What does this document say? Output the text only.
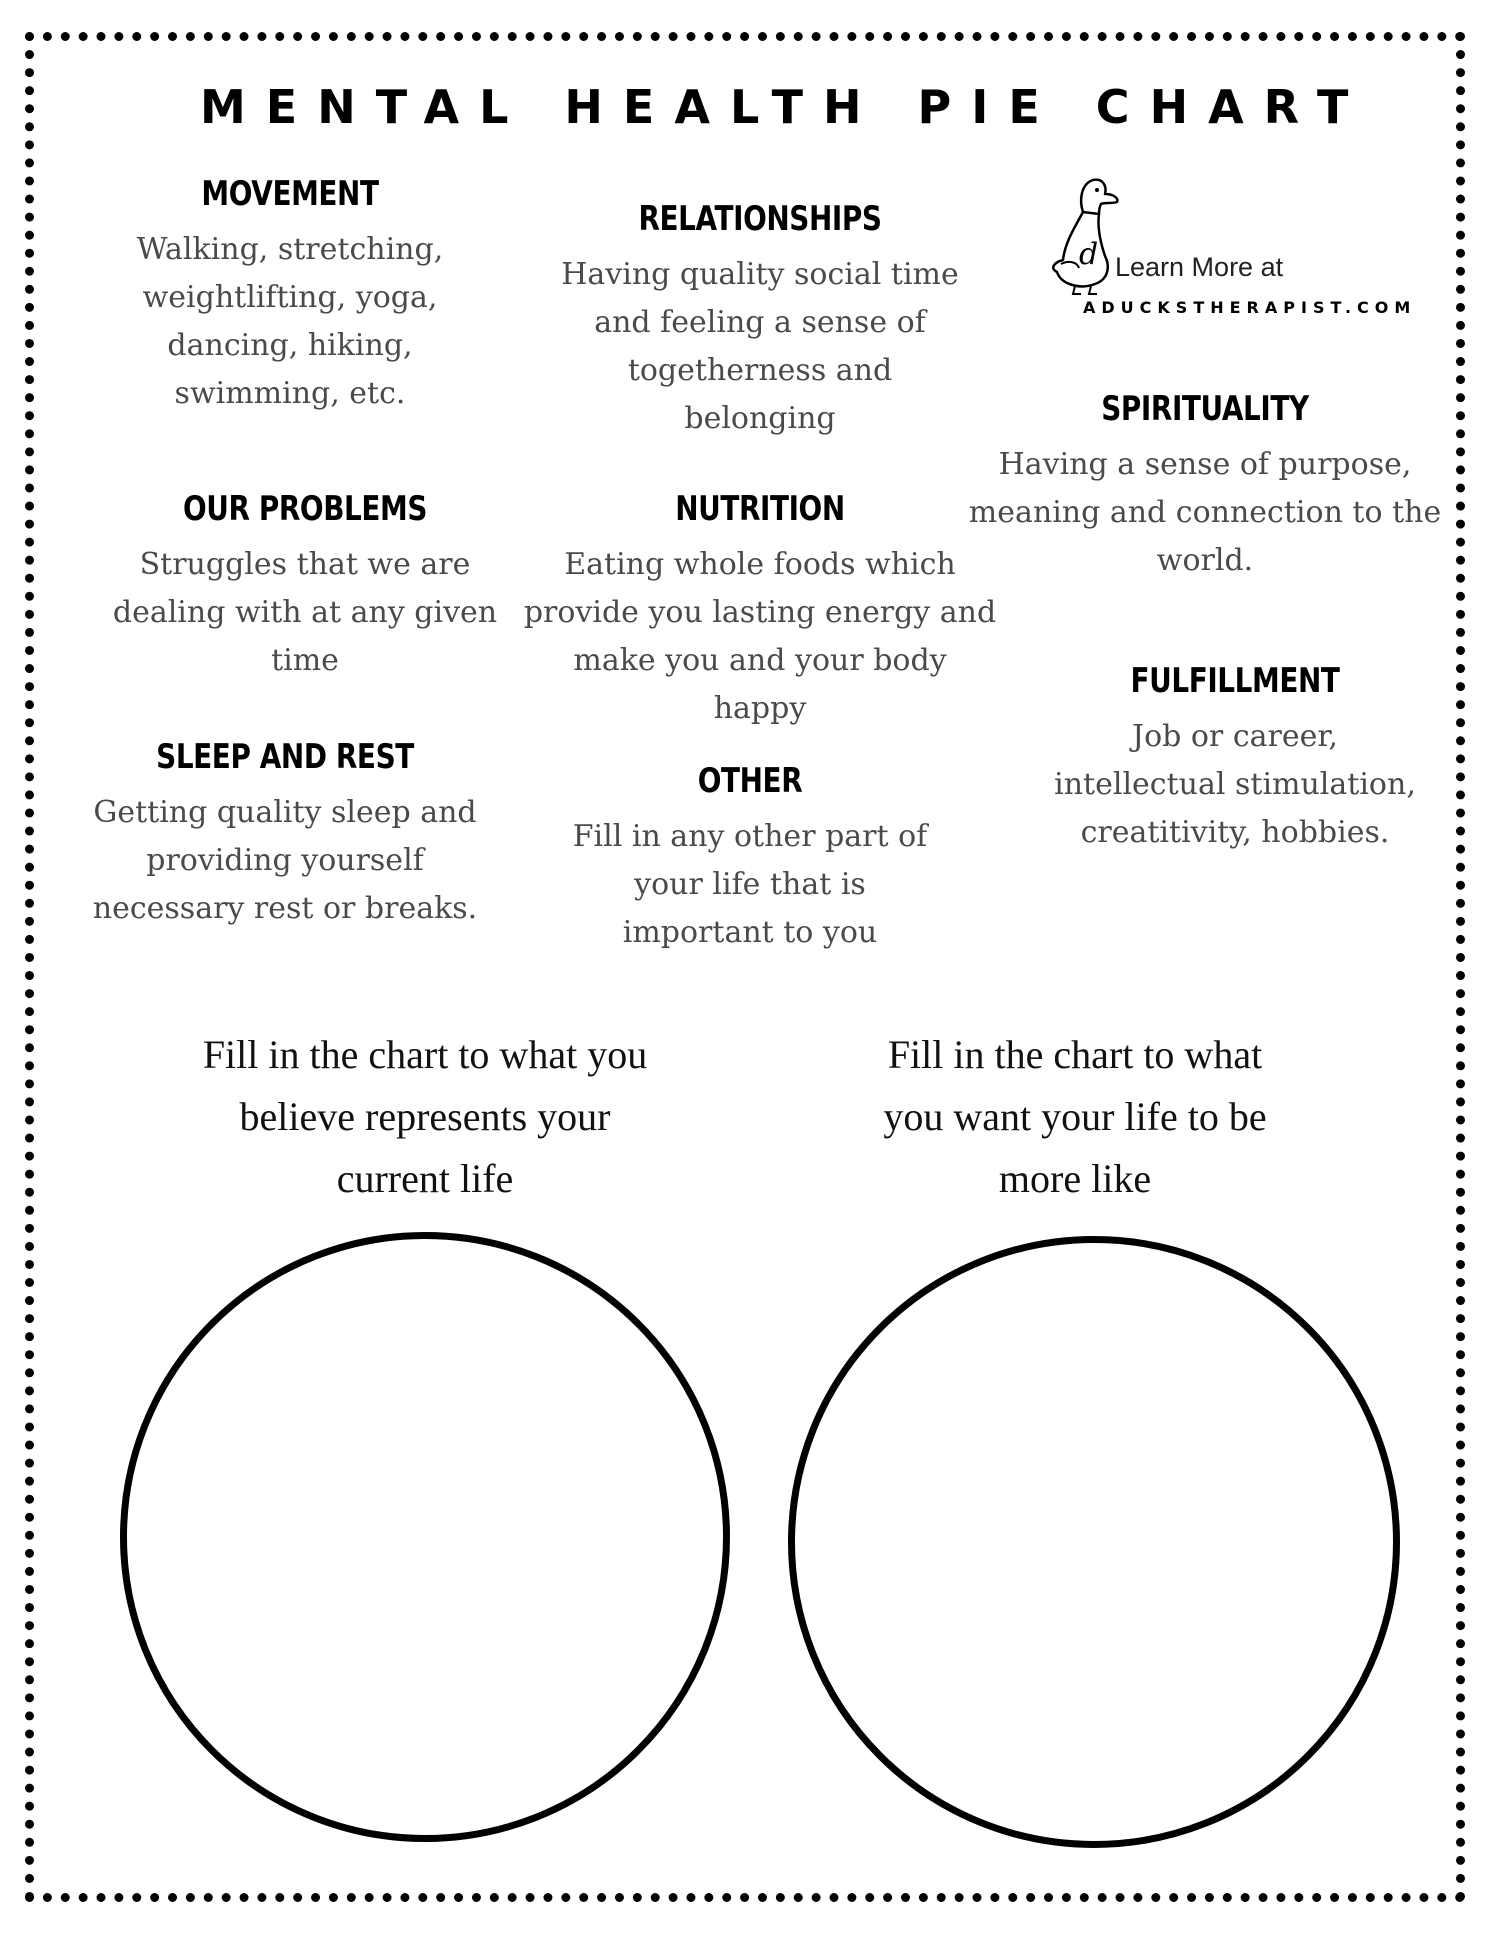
MENTAL HEALTH PIE CHART
MOVEMENT
Walking, stretching,
weightlifting, yoga,
dancing, hiking,
swimming, etc.
RELATIONSHIPS
Having quality social time
and feeling a sense of
togetherness and
belonging	SPIRITUALITY
Having a sense of purpose,
meaning and connection to the
world.
OUR PROBLEMS
Struggles that we are
dealing with at any given
time
NUTRITION
Eating whole foods which
provide you lasting energy and
make you and your body
happy
FULFILLMENT
Job or career,
intellectual stimulation,
creatitivity, hobbies.
SLEEP AND REST
Getting quality sleep and
providing yourself
necessary rest or breaks.
OTHER
Fill in any other part of
your life that is
important to you
d Learn More at
ADUCKSTHERAPIST.COM
Fill in the chart to what you
believe represents your
current life
Fill in the chart to what
you want your life to be
more like
